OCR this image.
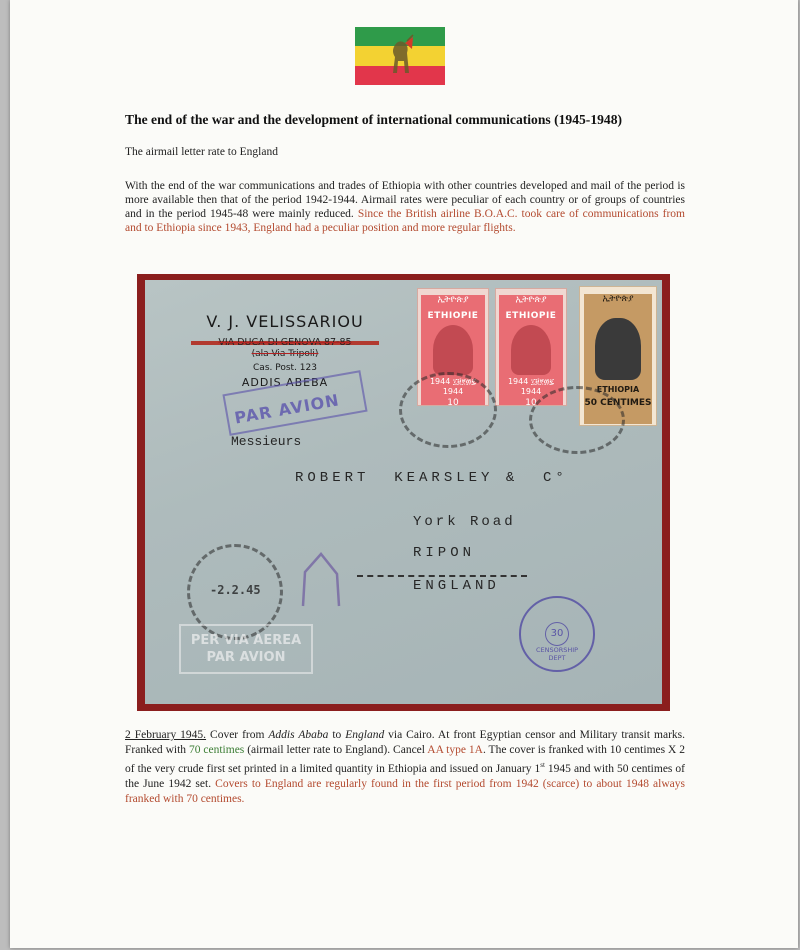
The end of the war and the development of international communications (1945-1948)
The airmail letter rate to England
With the end of the war communications and trades of Ethiopia with other countries developed and mail of the period is more available then that of the period 1942-1944. Airmail rates were peculiar of each country or of groups of countries and in the period 1945-48 were mainly reduced. Since the British airline B.O.A.C. took care of communications from and to Ethiopia since 1943, England had a peculiar position and more regular flights.
V. J. VELISSARIOU
VIA DUCA DI GENOVA 87-85
(ala Via Tripoli)
Cas. Post. 123
ADDIS ABEBA
PAR AVION
Messieurs
ROBERT  KEARSLEY &  C°
York Road
RIPON
ENGLAND
ኢትዮጵያ
ETHIOPIE
1944 ፲፱፻፴፯ 1944
10
ኢትዮጵያ
ETHIOPIE
1944 ፲፱፻፴፯ 1944
10
ኢትዮጵያ
ETHIOPIA
50 CENTIMES
-2.2.45
30
CENSORSHIP DEPT
PER VIA AEREA
PAR AVION
2 February 1945. Cover from Addis Ababa to England via Cairo. At front Egyptian censor and Military transit marks. Franked with 70 centimes (airmail letter rate to England). Cancel AA type 1A. The cover is franked with 10 centimes X 2 of the very crude first set printed in a limited quantity in Ethiopia and issued on January 1st 1945 and with 50 centimes of the June 1942 set. Covers to England are regularly found in the first period from 1942 (scarce) to about 1948 always franked with 70 centimes.
